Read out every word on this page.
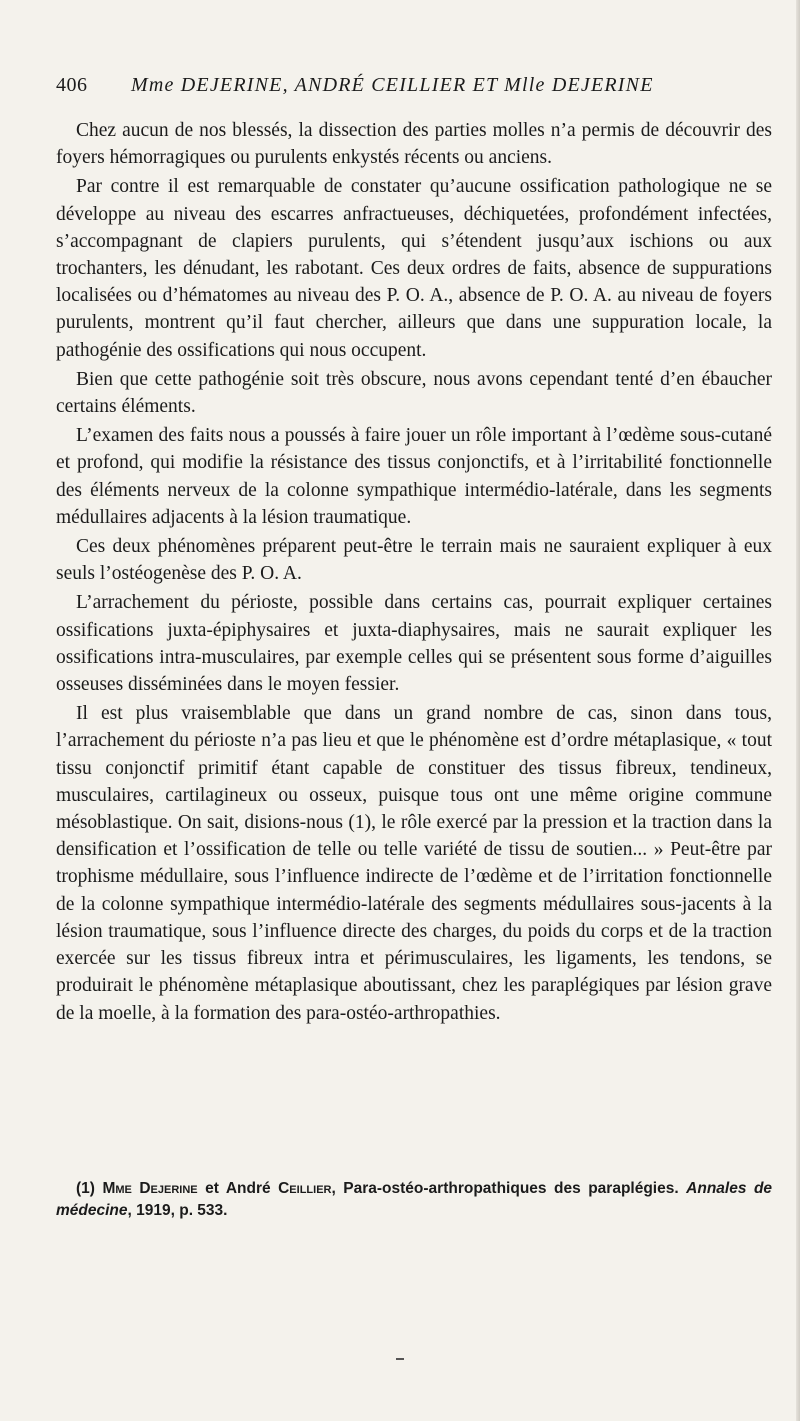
406 Mme DEJERINE, ANDRÉ CEILLIER ET Mlle DEJERINE

Chez aucun de nos blessés, la dissection des parties molles n’a permis de découvrir des foyers hémorragiques ou purulents enkystés récents ou anciens.

Par contre il est remarquable de constater qu’aucune ossification pathologique ne se développe au niveau des escarres anfractueuses, déchiquetées, profondément infectées, s’accompagnant de clapiers purulents, qui s’étendent jusqu’aux ischions ou aux trochanters, les dénudant, les rabotant. Ces deux ordres de faits, absence de suppurations localisées ou d’hématomes au niveau des P. O. A., absence de P. O. A. au niveau de foyers purulents, montrent qu’il faut chercher, ailleurs que dans une suppuration locale, la pathogénie des ossifications qui nous occupent.

Bien que cette pathogénie soit très obscure, nous avons cependant tenté d’en ébaucher certains éléments.

L’examen des faits nous a poussés à faire jouer un rôle important à l’œdème sous-cutané et profond, qui modifie la résistance des tissus conjonctifs, et à l’irritabilité fonctionnelle des éléments nerveux de la colonne sympathique intermédio-latérale, dans les segments médullaires adjacents à la lésion traumatique.

Ces deux phénomènes préparent peut-être le terrain mais ne sauraient expliquer à eux seuls l’ostéogenèse des P. O. A.

L’arrachement du périoste, possible dans certains cas, pourrait expliquer certaines ossifications juxta-épiphysaires et juxta-diaphysaires, mais ne saurait expliquer les ossifications intra-musculaires, par exemple celles qui se présentent sous forme d’aiguilles osseuses disséminées dans le moyen fessier.

Il est plus vraisemblable que dans un grand nombre de cas, sinon dans tous, l’arrachement du périoste n’a pas lieu et que le phénomène est d’ordre métaplasique, « tout tissu conjonctif primitif étant capable de constituer des tissus fibreux, tendineux, musculaires, cartilagineux ou osseux, puisque tous ont une même origine commune mésoblastique. On sait, disions-nous (1), le rôle exercé par la pression et la traction dans la densification et l’ossification de telle ou telle variété de tissu de soutien... » Peut-être par trophisme médullaire, sous l’influence indirecte de l’œdème et de l’irritation fonctionnelle de la colonne sympathique intermédio-latérale des segments médullaires sous-jacents à la lésion traumatique, sous l’influence directe des charges, du poids du corps et de la traction exercée sur les tissus fibreux intra et périmusculaires, les ligaments, les tendons, se produirait le phénomène métaplasique aboutissant, chez les paraplégiques par lésion grave de la moelle, à la formation des para-ostéo-arthropathies.

(1) Mme Dejerine et André Ceillier, Para-ostéo-arthropathiques des paraplégies. Annales de médecine, 1919, p. 533.
